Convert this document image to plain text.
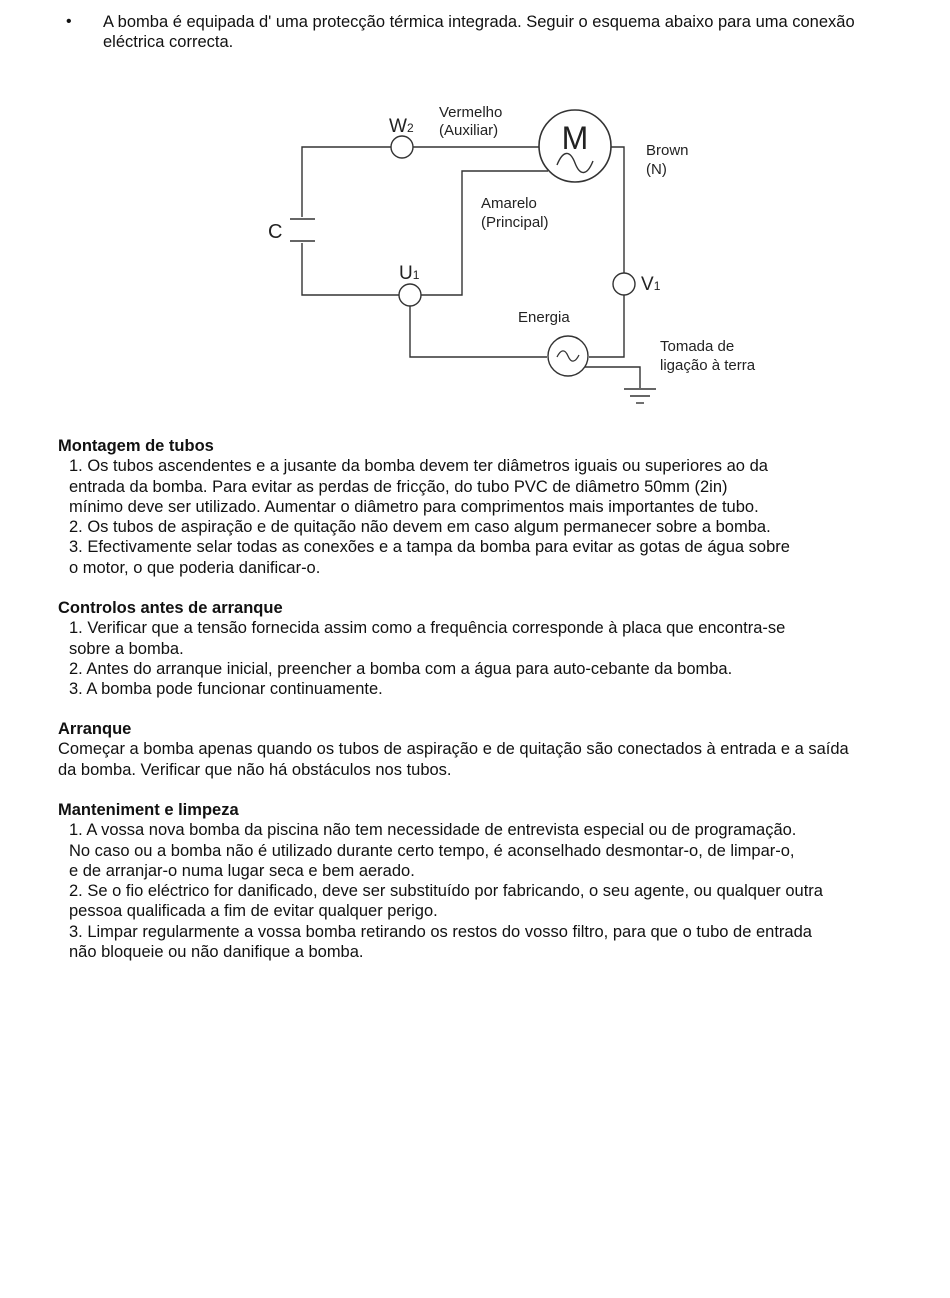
•	A bomba é equipada d' uma protecção térmica integrada. Seguir o esquema abaixo para uma conexão
eléctrica correcta.
M
W2
Vermelho
(Auxiliar)
Brown
(N)
Amarelo
(Principal)
C
U1	V1
Energia
Tomada de
ligação à terra
Montagem de tubos
1. Os tubos ascendentes e a jusante da bomba devem ter diâmetros iguais ou superiores ao da
entrada da bomba. Para evitar as perdas de fricção, do tubo PVC de diâmetro 50mm (2in)
mínimo deve ser utilizado. Aumentar o diâmetro para comprimentos mais importantes de tubo.
2. Os tubos de aspiração e de quitação não devem em caso algum permanecer sobre a bomba.
3. Efectivamente selar todas as conexões e a tampa da bomba para evitar as gotas de água sobre
o motor, o que poderia danificar-o.
Controlos antes de arranque
1. Verificar que a tensão fornecida assim como a frequência corresponde à placa que encontra-se
sobre a bomba.
2. Antes do arranque inicial, preencher a bomba com a água para auto-cebante da bomba.
3. A bomba pode funcionar continuamente.
Arranque
Começar a bomba apenas quando os tubos de aspiração e de quitação são conectados à entrada e a saída
da bomba. Verificar que não há obstáculos nos tubos.
Manteniment e limpeza
1. A vossa nova bomba da piscina não tem necessidade de entrevista especial ou de programação.
No caso ou a bomba não é utilizado durante certo tempo, é aconselhado desmontar-o, de limpar-o,
e de arranjar-o numa lugar seca e bem aerado.
2. Se o fio eléctrico for danificado, deve ser substituído por fabricando, o seu agente, ou qualquer outra
pessoa qualificada a fim de evitar qualquer perigo.
3. Limpar regularmente a vossa bomba retirando os restos do vosso filtro, para que o tubo de entrada
não bloqueie ou não danifique a bomba.
